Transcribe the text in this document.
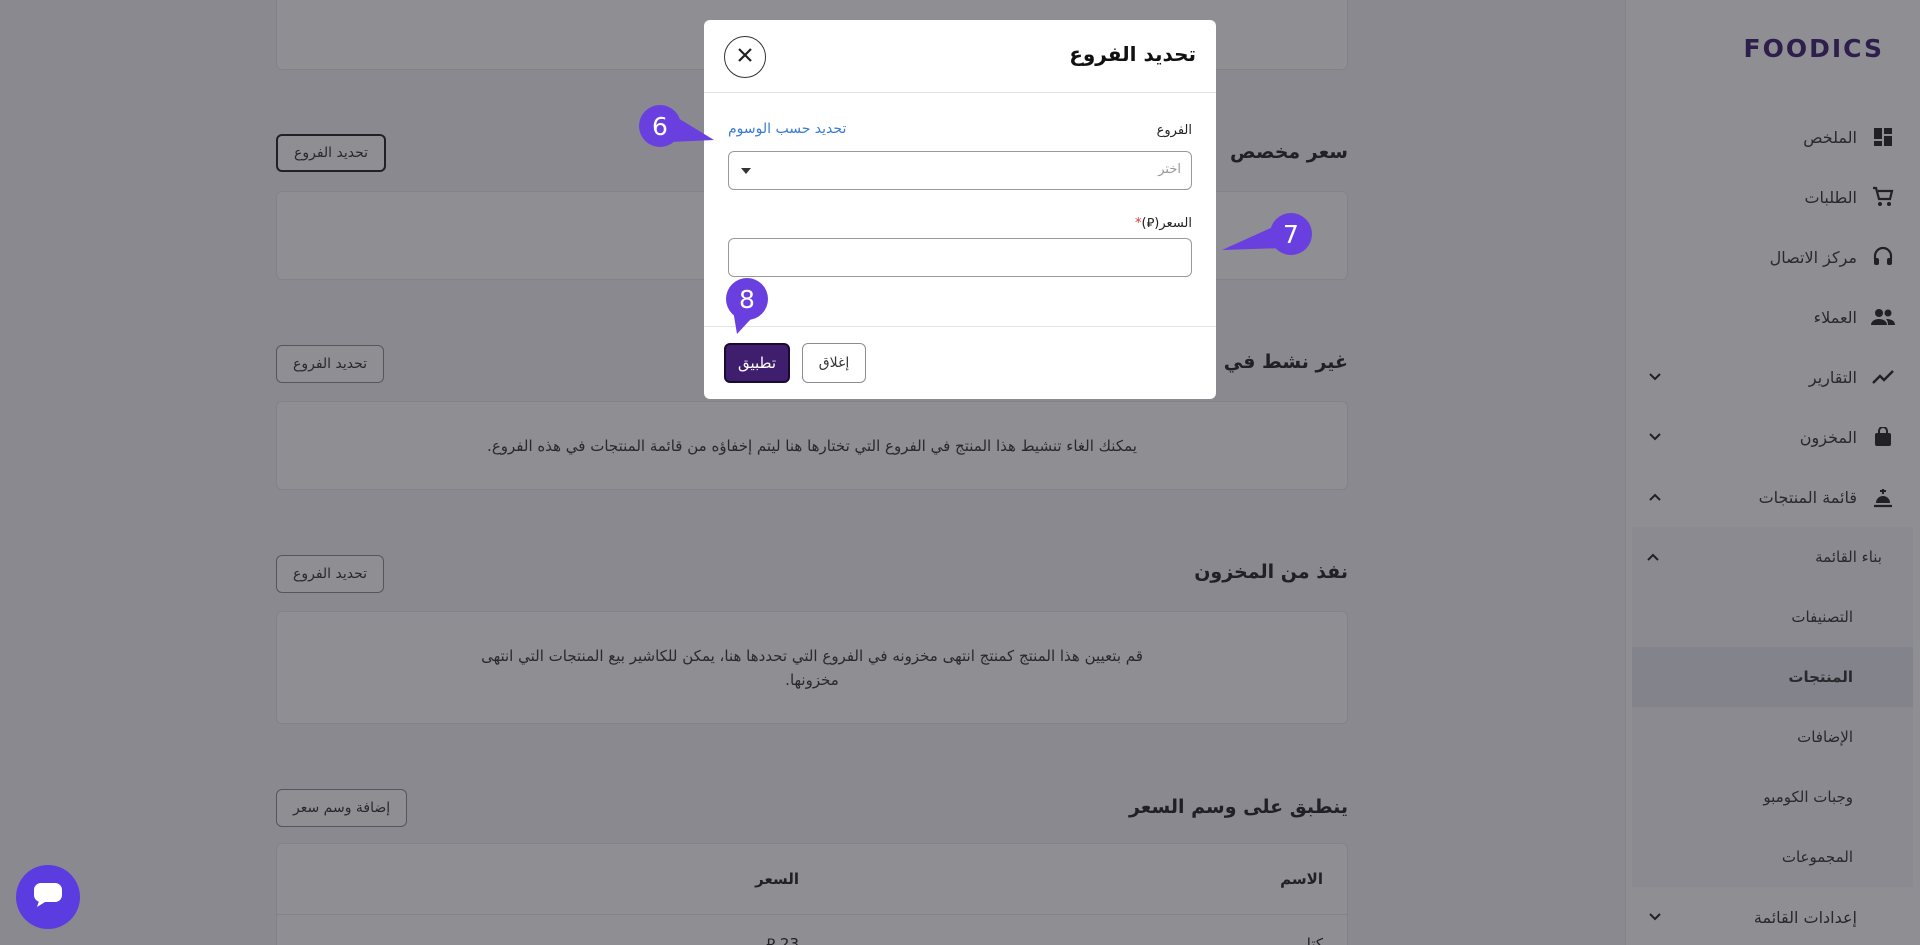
تحديد الفروع
الفروع
تحديد حسب الوسوم
اختر
السعر(⃁)*
تطبيق	إغلاق
6
7
8
